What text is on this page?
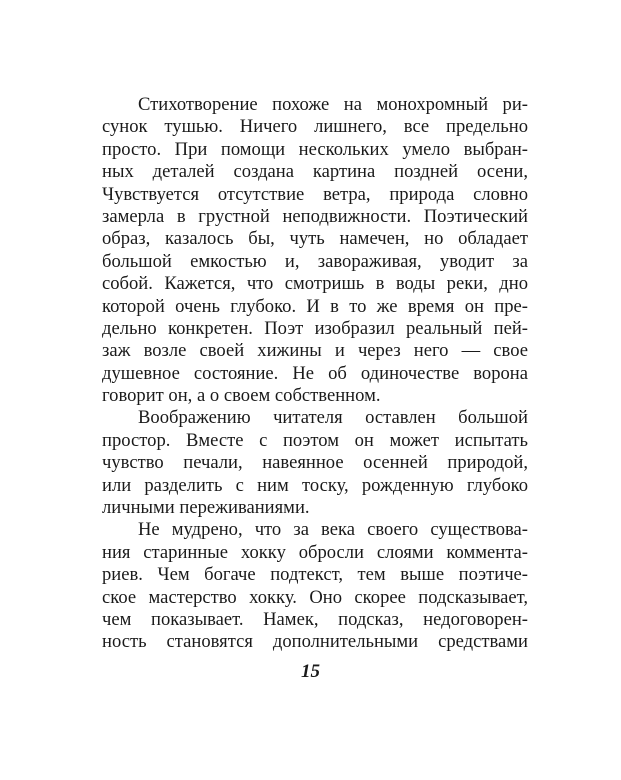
Стихотворение похоже на монохромный ри-
сунок тушью. Ничего лишнего, все предельно
просто. При помощи нескольких умело выбран-
ных деталей создана картина поздней осени,
Чувствуется отсутствие ветра, природа словно
замерла в грустной неподвижности. Поэтический
образ, казалось бы, чуть намечен, но обладает
большой емкостью и, завораживая, уводит за
собой. Кажется, что смотришь в воды реки, дно
которой очень глубоко. И в то же время он пре-
дельно конкретен. Поэт изобразил реальный пей-
заж возле своей хижины и через него — свое
душевное состояние. Не об одиночестве ворона
говорит он, а о своем собственном.

Воображению читателя оставлен большой
простор. Вместе с поэтом он может испытать
чувство печали, навеянное осенней природой,
или разделить с ним тоску, рожденную глубоко
личными переживаниями.

Не мудрено, что за века своего существова-
ния старинные хокку обросли слоями коммента-
риев. Чем богаче подтекст, тем выше поэтиче-
ское мастерство хокку. Оно скорее подсказывает,
чем показывает. Намек, подсказ, недоговорен-
ность становятся дополнительными средствами

15
